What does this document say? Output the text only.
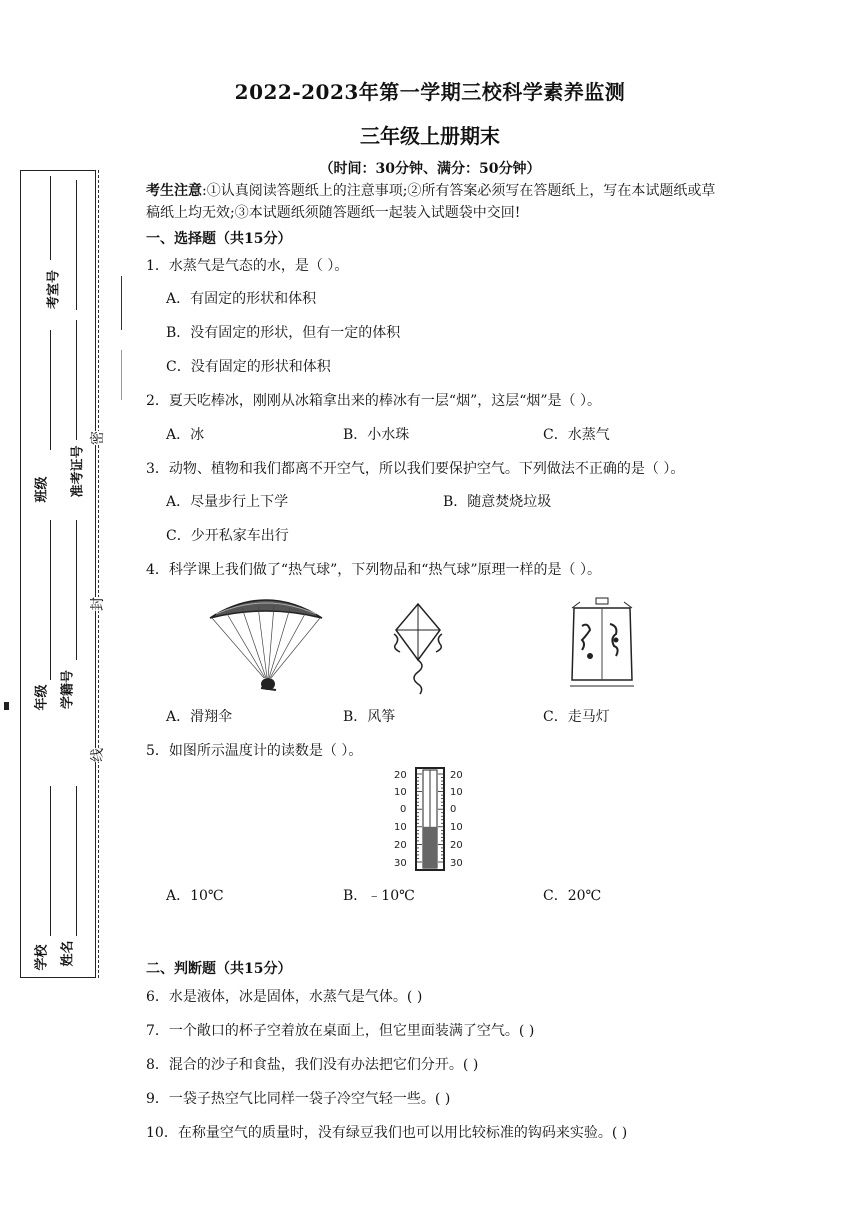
2022-2023年第一学期三校科学素养监测
三年级上册期末
（时间：30分钟、满分：50分钟）
考生注意:①认真阅读答题纸上的注意事项;②所有答案必须写在答题纸上，写在本试题纸或草稿纸上均无效;③本试题纸须随答题纸一起装入试题袋中交回!
考室号
班级	准考证号
年级 学籍号
学校 姓名
密
封
线
一、选择题（共15分）
1．水蒸气是气态的水，是（ ）。
A．有固定的形状和体积
B．没有固定的形状，但有一定的体积
C．没有固定的形状和体积
2．夏天吃棒冰，刚刚从冰箱拿出来的棒冰有一层“烟”，这层“烟”是（ ）。
A．冰	B．小水珠	C．水蒸气
3．动物、植物和我们都离不开空气，所以我们要保护空气。下列做法不正确的是（ ）。
A．尽量步行上下学	B．随意焚烧垃圾
C．少开私家车出行
4．科学课上我们做了“热气球”，下列物品和“热气球”原理一样的是（ ）。
A．滑翔伞	B．风筝	C．走马灯
5．如图所示温度计的读数是（ ）。
20
10
0
10
20
30
20
10
0
10
20
30
A．10℃	B．﹣10℃	C．20℃
二、判断题（共15分）
6．水是液体，冰是固体，水蒸气是气体。( )
7．一个敞口的杯子空着放在桌面上，但它里面装满了空气。( )
8．混合的沙子和食盐，我们没有办法把它们分开。( )
9．一袋子热空气比同样一袋子冷空气轻一些。( )
10．在称量空气的质量时，没有绿豆我们也可以用比较标准的钩码来实验。( )
